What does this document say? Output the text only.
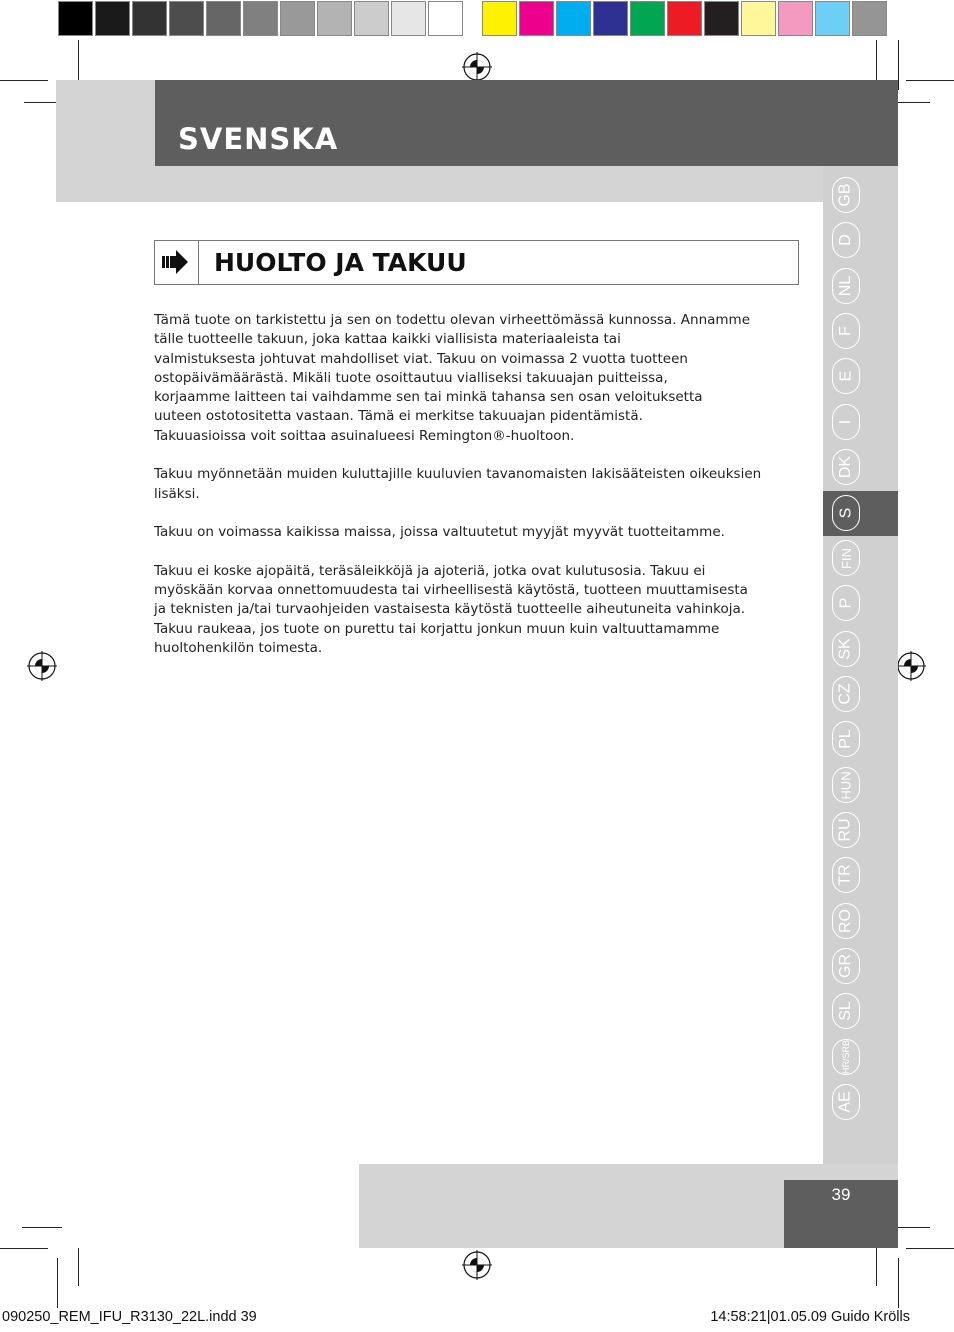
SVENSKA
GB
D
NL
F
E
I
DK
S
FIN
P
SK
CZ
PL
HUN
RU
TR
RO
GR
SL
HR/SRB
AE
HUOLTO JA TAKUU

Tämä tuote on tarkistettu ja sen on todettu olevan virheettömässä kunnossa. Annamme
tälle tuotteelle takuun, joka kattaa kaikki viallisista materiaaleista tai
valmistuksesta johtuvat mahdolliset viat. Takuu on voimassa 2 vuotta tuotteen
ostopäivämäärästä. Mikäli tuote osoittautuu vialliseksi takuuajan puitteissa,
korjaamme laitteen tai vaihdamme sen tai minkä tahansa sen osan veloituksetta
uuteen ostotositetta vastaan. Tämä ei merkitse takuuajan pidentämistä.
Takuuasioissa voit soittaa asuinalueesi Remington®-huoltoon.

Takuu myönnetään muiden kuluttajille kuuluvien tavanomaisten lakisääteisten oikeuksien
lisäksi.

Takuu on voimassa kaikissa maissa, joissa valtuutetut myyjät myyvät tuotteitamme.

Takuu ei koske ajopäitä, teräsäleikköjä ja ajoteriä, jotka ovat kulutusosia. Takuu ei
myöskään korvaa onnettomuudesta tai virheellisestä käytöstä, tuotteen muuttamisesta
ja teknisten ja/tai turvaohjeiden vastaisesta käytöstä tuotteelle aiheutuneita vahinkoja.
Takuu raukeaa, jos tuote on purettu tai korjattu jonkun muun kuin valtuuttamamme
huoltohenkilön toimesta.

39
090250_REM_IFU_R3130_22L.indd 39	14:58:21|01.05.09 Guido Krölls
